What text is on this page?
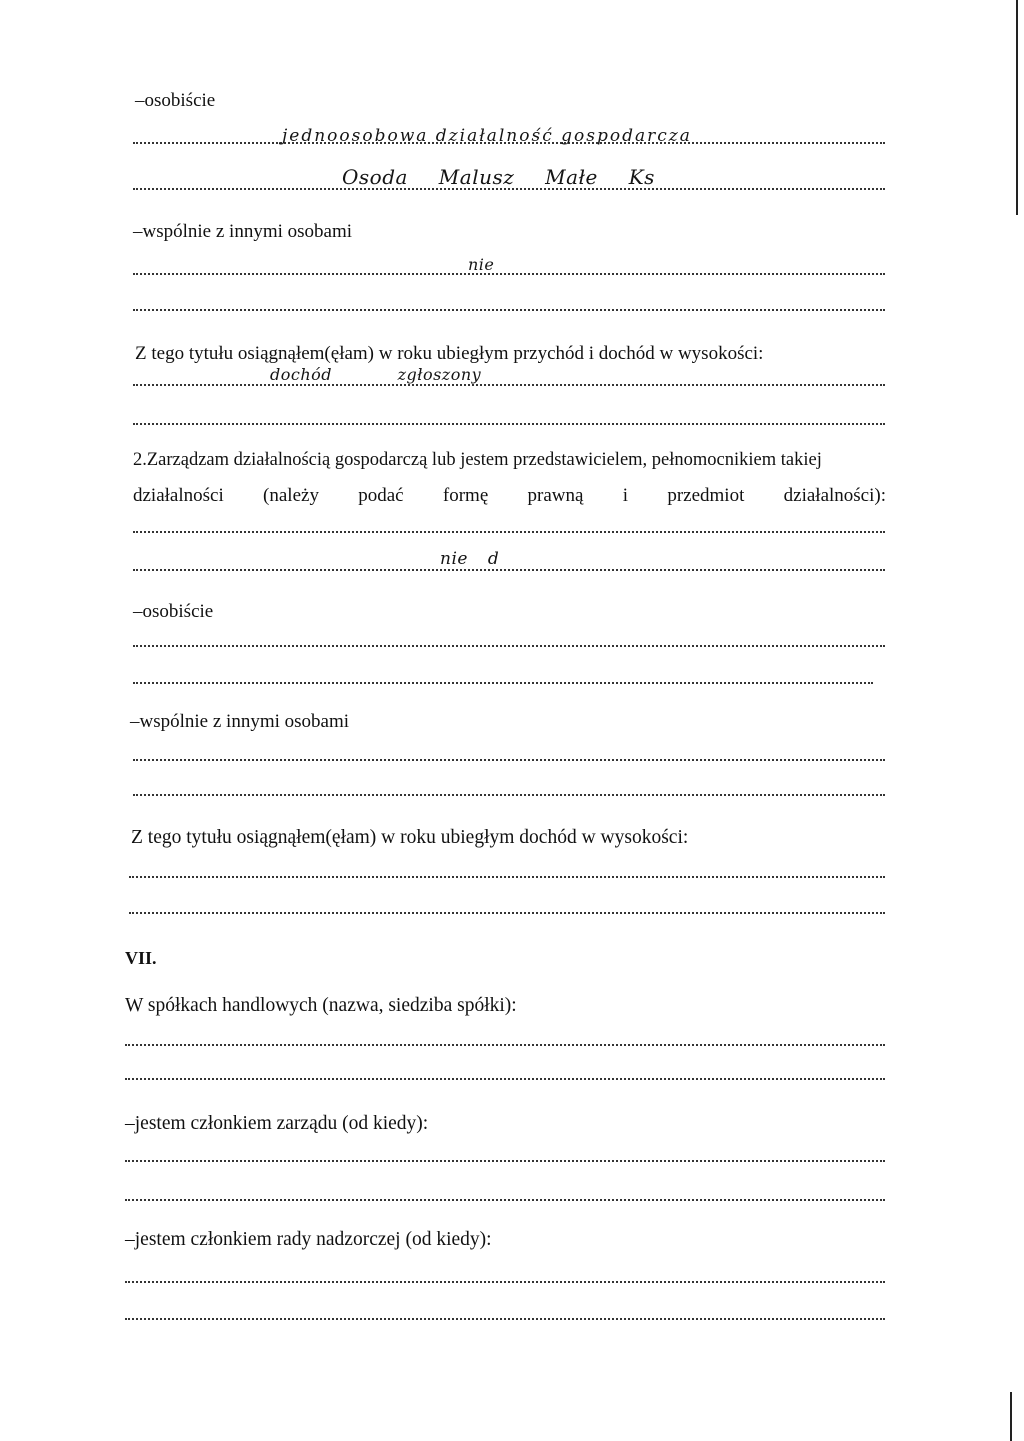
–osobiście
jednoosobowa działalność gospodarcza
Osoda Malusz Małe Ks
–wspólnie z innymi osobami
nie
Z tego tytułu osiągnąłem(ęłam) w roku ubiegłym przychód i dochód w wysokości:
dochód zgłoszony
2.Zarządzam działalnością gospodarczą lub jestem przedstawicielem, pełnomocnikiem takiej
działalności (należy podać formę prawną i przedmiot działalności):
nie d
–osobiście
–wspólnie z innymi osobami
Z tego tytułu osiągnąłem(ęłam) w roku ubiegłym dochód w wysokości:
VII.
W spółkach handlowych (nazwa, siedziba spółki):
–jestem członkiem zarządu (od kiedy):
–jestem członkiem rady nadzorczej (od kiedy):
